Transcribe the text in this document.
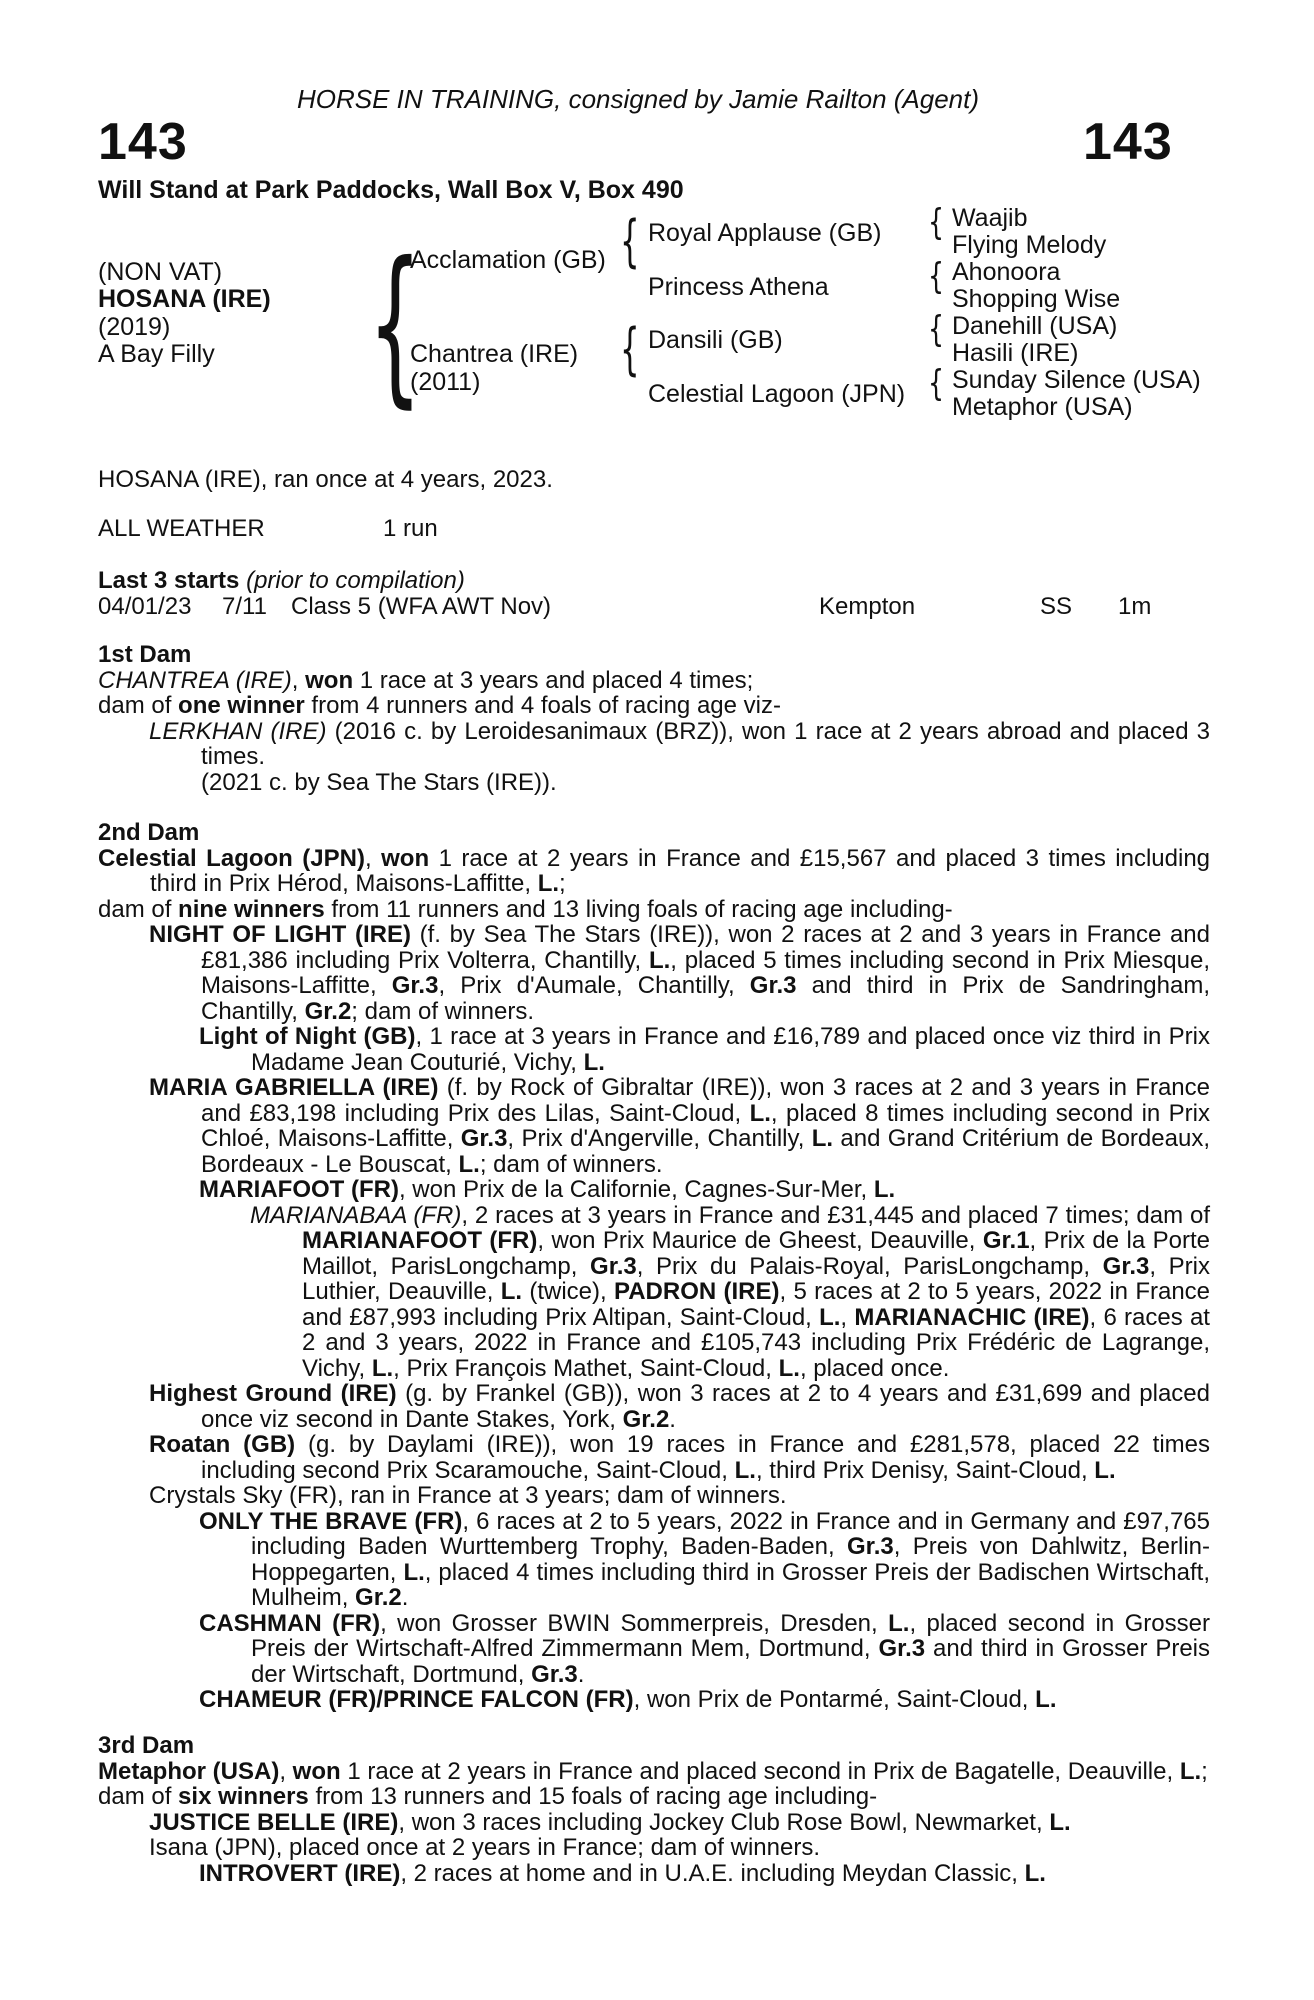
HORSE IN TRAINING, consigned by Jamie Railton (Agent)
143	143
Will Stand at Park Paddocks, Wall Box V, Box 490
(NON VAT)
HOSANA (IRE)
(2019)
A Bay Filly {
Acclamation (GB)
Chantrea (IRE)
(2011)
{
{
Royal Applause (GB)
Princess Athena
Dansili (GB)
Celestial Lagoon (JPN)
{
{
{
{
Waajib
Flying Melody
Ahonoora
Shopping Wise
Danehill (USA)
Hasili (IRE)
Sunday Silence (USA)
Metaphor (USA)
HOSANA (IRE), ran once at 4 years, 2023.
ALL WEATHER	1 run
Last 3 starts (prior to compilation)
04/01/23 7/11 Class 5 (WFA AWT Nov)	Kempton	SS 1m

1st Dam

CHANTREA (IRE), won 1 race at 3 years and placed 4 times;

dam of one winner from 4 runners and 4 foals of racing age viz-

LERKHAN (IRE) (2016 c. by Leroidesanimaux (BRZ)), won 1 race at 2 years abroad and placed 3 times.

(2021 c. by Sea The Stars (IRE)).

2nd Dam

Celestial Lagoon (JPN), won 1 race at 2 years in France and £15,567 and placed 3 times including third in Prix Hérod, Maisons-Laffitte, L.;

dam of nine winners from 11 runners and 13 living foals of racing age including-

NIGHT OF LIGHT (IRE) (f. by Sea The Stars (IRE)), won 2 races at 2 and 3 years in France and £81,386 including Prix Volterra, Chantilly, L., placed 5 times including second in Prix Miesque, Maisons-Laffitte, Gr.3, Prix d'Aumale, Chantilly, Gr.3 and third in Prix de Sandringham, Chantilly, Gr.2; dam of winners.

Light of Night (GB), 1 race at 3 years in France and £16,789 and placed once viz third in Prix Madame Jean Couturié, Vichy, L.

MARIA GABRIELLA (IRE) (f. by Rock of Gibraltar (IRE)), won 3 races at 2 and 3 years in France and £83,198 including Prix des Lilas, Saint-Cloud, L., placed 8 times including second in Prix Chloé, Maisons-Laffitte, Gr.3, Prix d'Angerville, Chantilly, L. and Grand Critérium de Bordeaux, Bordeaux - Le Bouscat, L.; dam of winners.

MARIAFOOT (FR), won Prix de la Californie, Cagnes-Sur-Mer, L.

MARIANABAA (FR), 2 races at 3 years in France and £31,445 and placed 7 times; dam of MARIANAFOOT (FR), won Prix Maurice de Gheest, Deauville, Gr.1, Prix de la Porte Maillot, ParisLongchamp, Gr.3, Prix du Palais-Royal, ParisLongchamp, Gr.3, Prix Luthier, Deauville, L. (twice), PADRON (IRE), 5 races at 2 to 5 years, 2022 in France and £87,993 including Prix Altipan, Saint-Cloud, L., MARIANACHIC (IRE), 6 races at 2 and 3 years, 2022 in France and £105,743 including Prix Frédéric de Lagrange, Vichy, L., Prix François Mathet, Saint-Cloud, L., placed once.

Highest Ground (IRE) (g. by Frankel (GB)), won 3 races at 2 to 4 years and £31,699 and placed once viz second in Dante Stakes, York, Gr.2.

Roatan (GB) (g. by Daylami (IRE)), won 19 races in France and £281,578, placed 22 times including second Prix Scaramouche, Saint-Cloud, L., third Prix Denisy, Saint-Cloud, L.

Crystals Sky (FR), ran in France at 3 years; dam of winners.

ONLY THE BRAVE (FR), 6 races at 2 to 5 years, 2022 in France and in Germany and £97,765 including Baden Wurttemberg Trophy, Baden-Baden, Gr.3, Preis von Dahlwitz, Berlin-Hoppegarten, L., placed 4 times including third in Grosser Preis der Badischen Wirtschaft, Mulheim, Gr.2.

CASHMAN (FR), won Grosser BWIN Sommerpreis, Dresden, L., placed second in Grosser Preis der Wirtschaft-Alfred Zimmermann Mem, Dortmund, Gr.3 and third in Grosser Preis der Wirtschaft, Dortmund, Gr.3.

CHAMEUR (FR)/PRINCE FALCON (FR), won Prix de Pontarmé, Saint-Cloud, L.

3rd Dam

Metaphor (USA), won 1 race at 2 years in France and placed second in Prix de Bagatelle, Deauville, L.;

dam of six winners from 13 runners and 15 foals of racing age including-

JUSTICE BELLE (IRE), won 3 races including Jockey Club Rose Bowl, Newmarket, L.

Isana (JPN), placed once at 2 years in France; dam of winners.

INTROVERT (IRE), 2 races at home and in U.A.E. including Meydan Classic, L.
